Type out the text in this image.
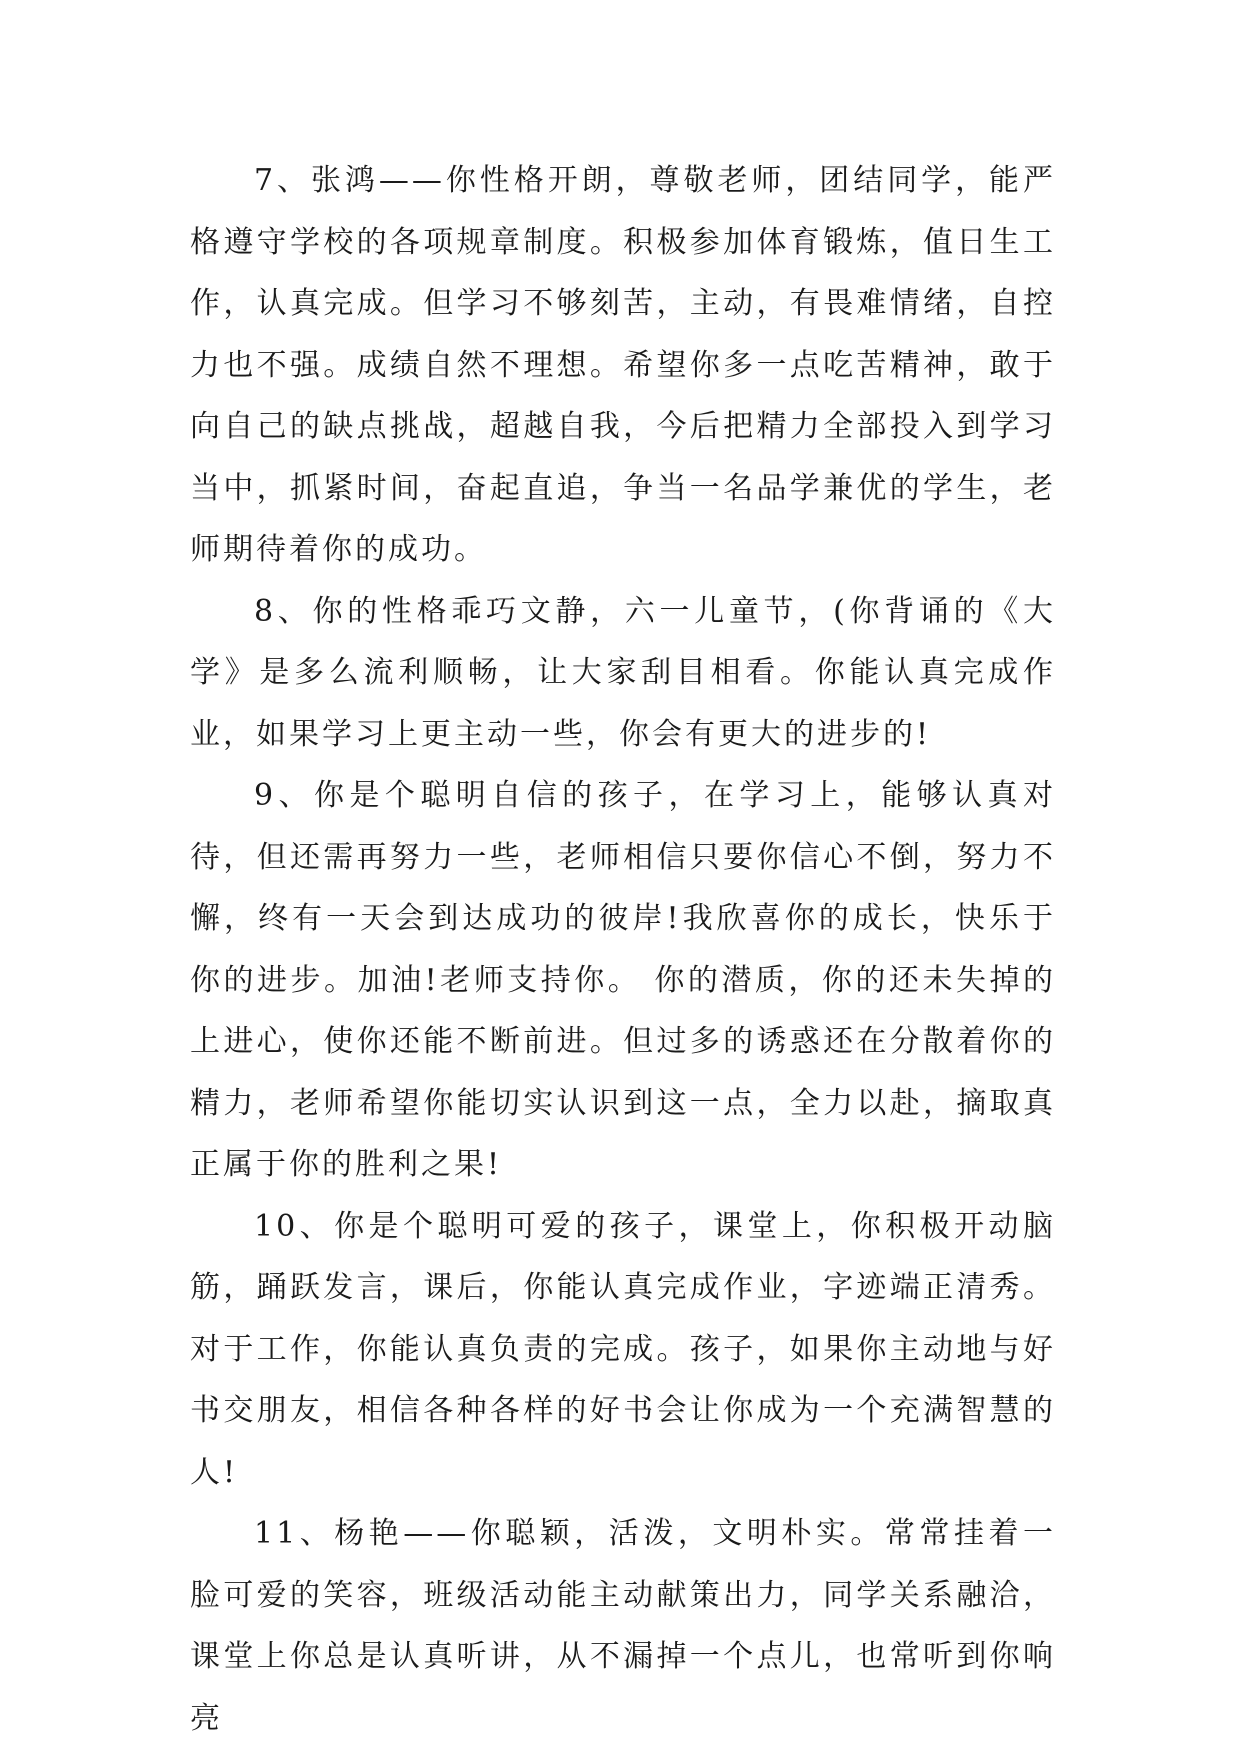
7、张鸿——你性格开朗，尊敬老师，团结同学，能严格遵守学校的各项规章制度。积极参加体育锻炼，值日生工作，认真完成。但学习不够刻苦，主动，有畏难情绪，自控力也不强。成绩自然不理想。希望你多一点吃苦精神，敢于向自己的缺点挑战，超越自我，今后把精力全部投入到学习当中，抓紧时间，奋起直追，争当一名品学兼优的学生，老师期待着你的成功。

8、你的性格乖巧文静，六一儿童节，(你背诵的《大学》是多么流利顺畅，让大家刮目相看。你能认真完成作业，如果学习上更主动一些，你会有更大的进步的!

9、你是个聪明自信的孩子，在学习上，能够认真对待，但还需再努力一些，老师相信只要你信心不倒，努力不懈，终有一天会到达成功的彼岸!我欣喜你的成长，快乐于你的进步。加油!老师支持你。 你的潜质，你的还未失掉的上进心，使你还能不断前进。但过多的诱惑还在分散着你的精力，老师希望你能切实认识到这一点，全力以赴，摘取真正属于你的胜利之果!

10、你是个聪明可爱的孩子，课堂上，你积极开动脑筋，踊跃发言，课后，你能认真完成作业，字迹端正清秀。对于工作，你能认真负责的完成。孩子，如果你主动地与好书交朋友，相信各种各样的好书会让你成为一个充满智慧的人!

11、杨艳——你聪颖，活泼，文明朴实。常常挂着一脸可爱的笑容，班级活动能主动献策出力，同学关系融洽，课堂上你总是认真听讲，从不漏掉一个点儿，也常听到你响亮
